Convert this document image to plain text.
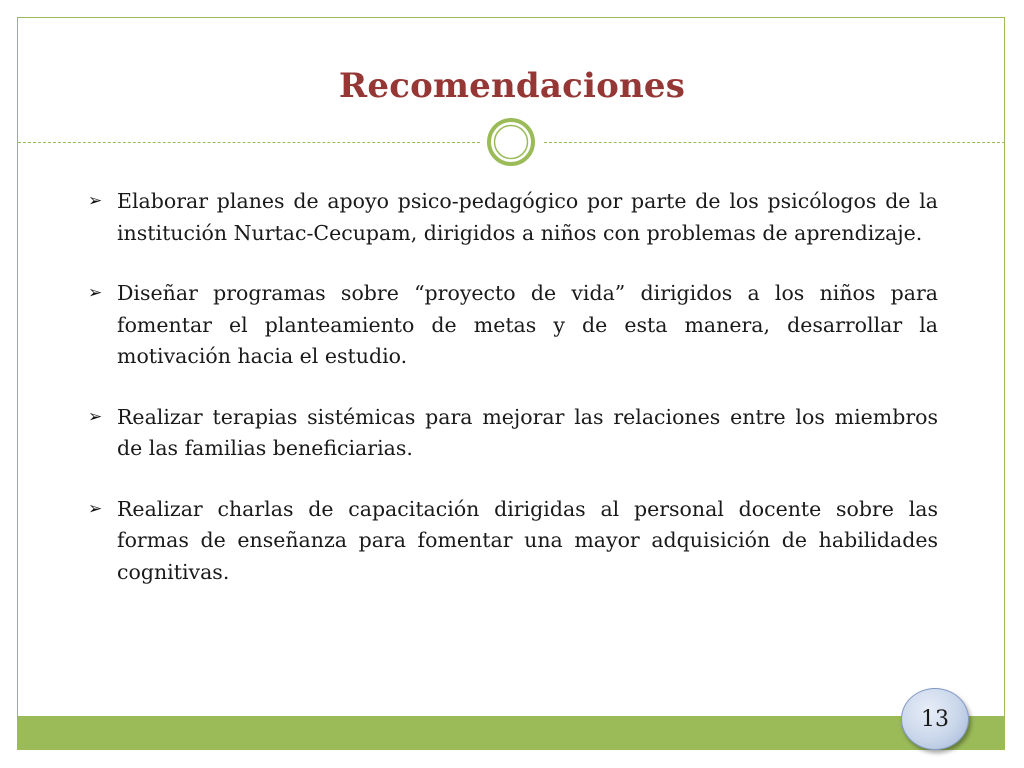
Recomendaciones
➢ Elaborar planes de apoyo psico-pedagógico por parte de los psicólogos de la institución Nurtac-Cecupam, dirigidos a niños con problemas de aprendizaje.
➢ Diseñar programas sobre “proyecto de vida” dirigidos a los niños para fomentar el planteamiento de metas y de esta manera, desarrollar la motivación hacia el estudio.
➢ Realizar terapias sistémicas para mejorar las relaciones entre los miembros de las familias beneficiarias.
➢ Realizar charlas de capacitación dirigidas al personal docente sobre las formas de enseñanza para fomentar una mayor adquisición de habilidades cognitivas.
13
